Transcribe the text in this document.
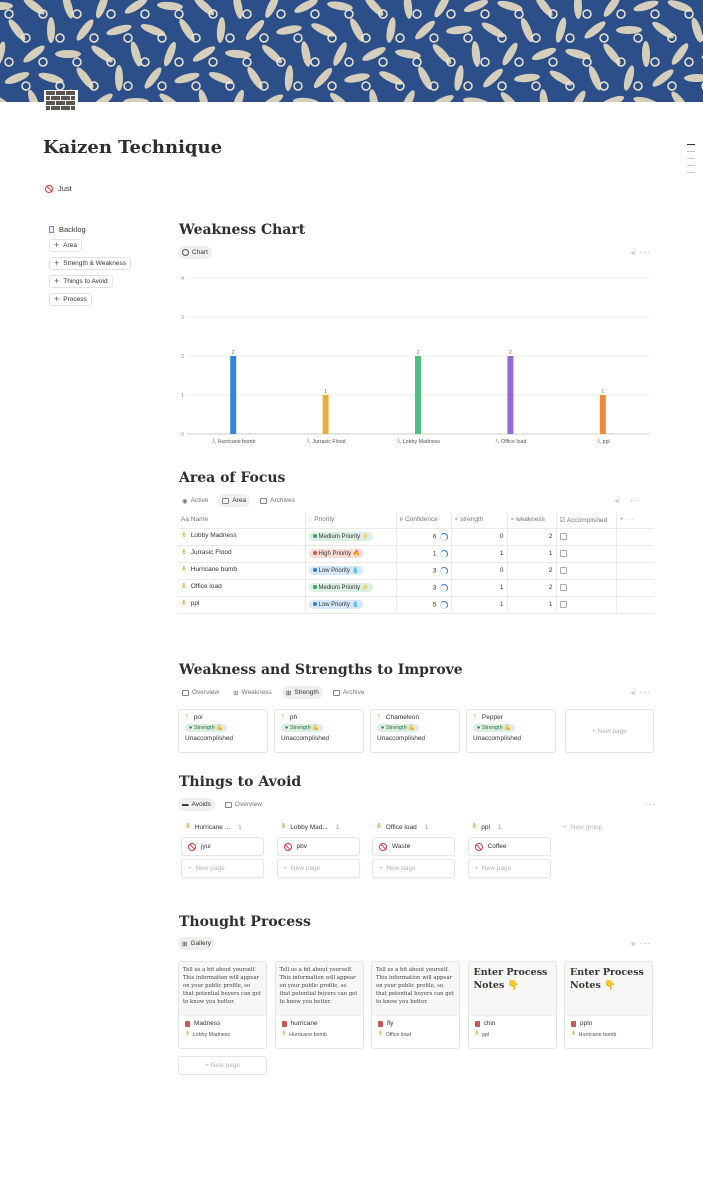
Kaizen Technique
Just
Backlog
+ Area
+ Strength & Weakness
+ Things to Avoid
+ Process
Weakness Chart
Chart	« ···
0
1
2
3
4
2
⼈ Hurricane bomb
1
⼈ Jurrasic Flood
2
⼈ Lobby Madness
2
⼈ Office load
1
⼈ ppl
Area of Focus
◉ Active	Area	Archives	«   ···
Aa Name	◌ Priority	# Confidence	⌕ strength	⌕ weakness	☑ Accomplished	+  ···
🯅 Lobby Madness	Medium Priority ⚡	6	0	2		
🯅 Jurrasic Flood	High Priority 🔥	1	1	1		
🯅 Hurricane bomb	Low Priority 💧	3	0	2		
🯅 Office load	Medium Priority ⚡	3	1	2		
🯅 ppl	Low Priority 💧	5	1	1		
Weakness and Strengths to Improve
Overview ⊞ Weakness ⊞ Strength	Archive	« ···
ᛉ poi
● Strength 💪
Unaccomplished
ᛉ ph
● Strength 💪
Unaccomplished
ᛉ Chameleon
● Strength 💪
Unaccomplished
ᛉ Pepper
● Strength 💪
Unaccomplished
+ New page
Things to Avoid
▬ Avoids	Overview	···
🯅 Hurricane ... 1
jyui
+  New page
🯅 Lobby Mad... 1
pbv
+  New page
🯅 Office load 1
Waste
+  New page
🯅 ppl 1
Coffee
+  New page
+ New group
Thought Process
⊞ Gallery	« ···
Tell us a bit about yourself. This information will appear on your public profile, so that potential buyers can get to know you better.
Madness
🯅 Lobby Madness
Tell us a bit about yourself. This information will appear on your public profile, so that potential buyers can get to know you better.
hurricane
🯅 Hurricane bomb
Tell us a bit about yourself. This information will appear on your public profile, so that potential buyers can get to know you better.
fly
🯅 Office load
Enter Process Notes 👇
chin
🯅 ppl
Enter Process Notes 👇
ppln
🯅 Hurricane bomb
+ New page
